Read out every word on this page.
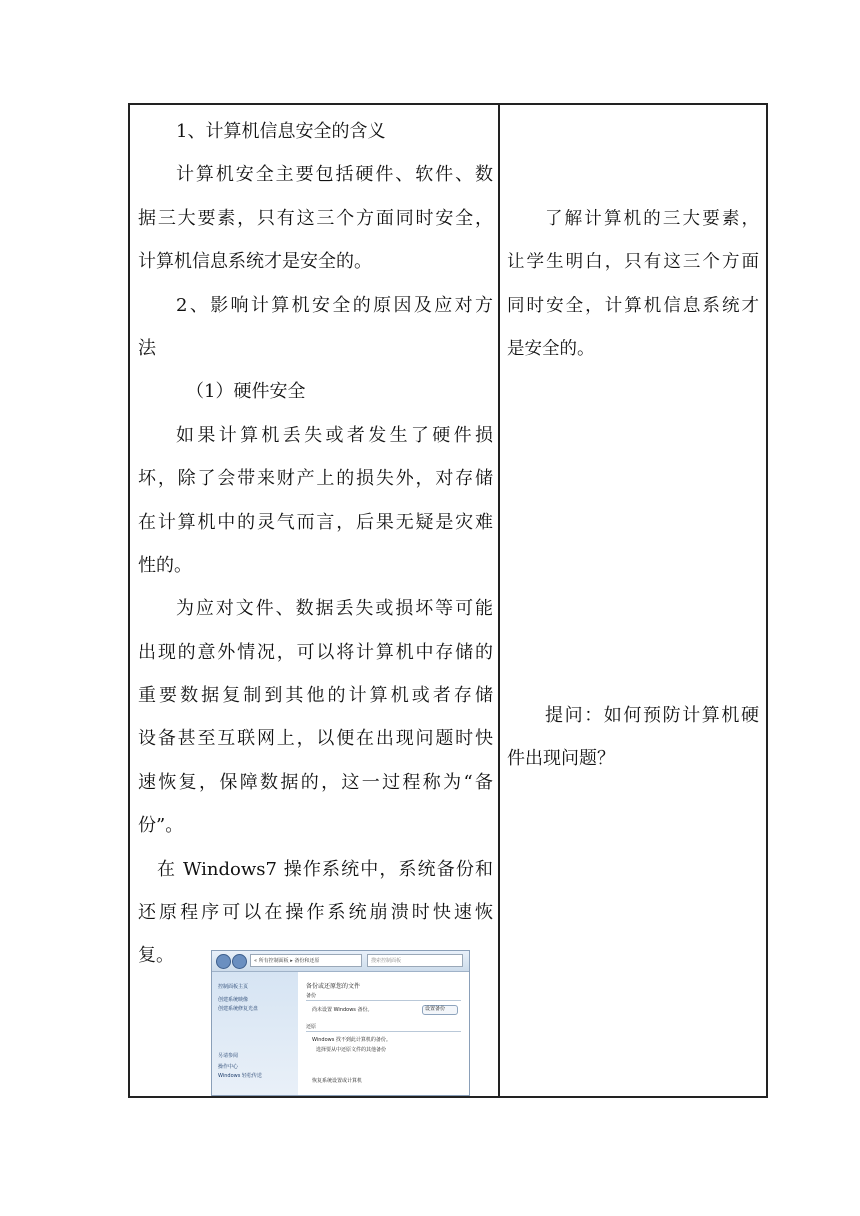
1、计算机信息安全的含义
计算机安全主要包括硬件、软件、数
据三大要素，只有这三个方面同时安全，
计算机信息系统才是安全的。
2、影响计算机安全的原因及应对方
法
（1）硬件安全
如果计算机丢失或者发生了硬件损
坏，除了会带来财产上的损失外，对存储
在计算机中的灵气而言，后果无疑是灾难
性的。
为应对文件、数据丢失或损坏等可能
出现的意外情况，可以将计算机中存储的
重要数据复制到其他的计算机或者存储
设备甚至互联网上，以便在出现问题时快
速恢复，保障数据的，这一过程称为“备
份”。
在 Windows7 操作系统中，系统备份和
还原程序可以在操作系统崩溃时快速恢
复。
了解计算机的三大要素，
让学生明白，只有这三个方面
同时安全，计算机信息系统才
是安全的。
提问：如何预防计算机硬
件出现问题？
« 所有控制面板 ▸ 备份和还原	搜索控制面板
控制面板主页
创建系统映像
创建系统修复光盘
另请参阅
操作中心
Windows 轻松传送
备份或还原您的文件
备份
设置备份
尚未设置 Windows 备份。
还原
Windows 找不到此计算机的备份。
选择要从中还原文件的其他备份
恢复系统设置或计算机
